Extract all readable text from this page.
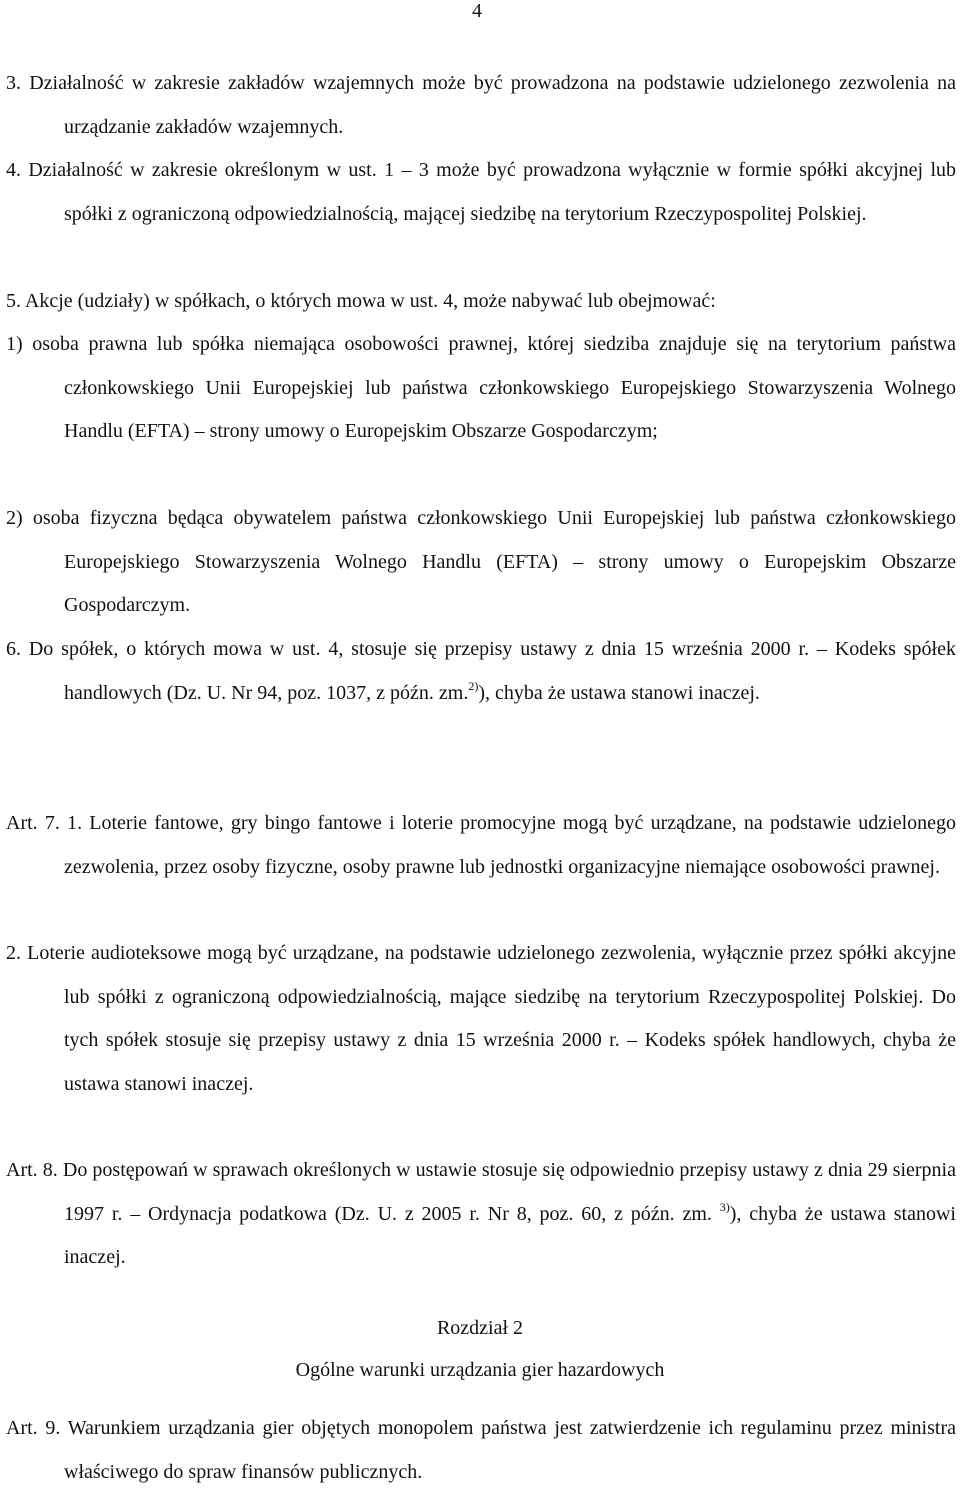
4
3. Działalność w zakresie zakładów wzajemnych może być prowadzona na podstawie udzielonego zezwolenia na urządzanie zakładów wzajemnych.
4. Działalność w zakresie określonym w ust. 1 – 3 może być prowadzona wyłącznie w formie spółki akcyjnej lub spółki z ograniczoną odpowiedzialnością, mającej siedzibę na terytorium Rzeczypospolitej Polskiej.
5. Akcje (udziały) w spółkach, o których mowa w ust. 4, może nabywać lub obejmować:
1) osoba prawna lub spółka niemająca osobowości prawnej, której siedziba znajduje się na terytorium państwa członkowskiego Unii Europejskiej lub państwa członkowskiego Europejskiego Stowarzyszenia Wolnego Handlu (EFTA) – strony umowy o Europejskim Obszarze Gospodarczym;
2) osoba fizyczna będąca obywatelem państwa członkowskiego Unii Europejskiej lub państwa członkowskiego Europejskiego Stowarzyszenia Wolnego Handlu (EFTA) – strony umowy o Europejskim Obszarze Gospodarczym.
6. Do spółek, o których mowa w ust. 4, stosuje się przepisy ustawy z dnia 15 września 2000 r. – Kodeks spółek handlowych (Dz. U. Nr 94, poz. 1037, z późn. zm.$^{2)}$), chyba że ustawa stanowi inaczej.
Art. 7. 1. Loterie fantowe, gry bingo fantowe i loterie promocyjne mogą być urządzane, na podstawie udzielonego zezwolenia, przez osoby fizyczne, osoby prawne lub jednostki organizacyjne niemające osobowości prawnej.
2. Loterie audioteksowe mogą być urządzane, na podstawie udzielonego zezwolenia, wyłącznie przez spółki akcyjne lub spółki z ograniczoną odpowiedzialnością, mające siedzibę na terytorium Rzeczypospolitej Polskiej. Do tych spółek stosuje się przepisy ustawy z dnia 15 września 2000 r. – Kodeks spółek handlowych, chyba że ustawa stanowi inaczej.
Art. 8. Do postępowań w sprawach określonych w ustawie stosuje się odpowiednio przepisy ustawy z dnia 29 sierpnia 1997 r. – Ordynacja podatkowa (Dz. U. z 2005 r. Nr 8, poz. 60, z późn. zm. $^{3)}$), chyba że ustawa stanowi inaczej.
Rozdział 2
Ogólne warunki urządzania gier hazardowych
Art. 9. Warunkiem urządzania gier objętych monopolem państwa jest zatwierdzenie ich regulaminu przez ministra właściwego do spraw finansów publicznych.
